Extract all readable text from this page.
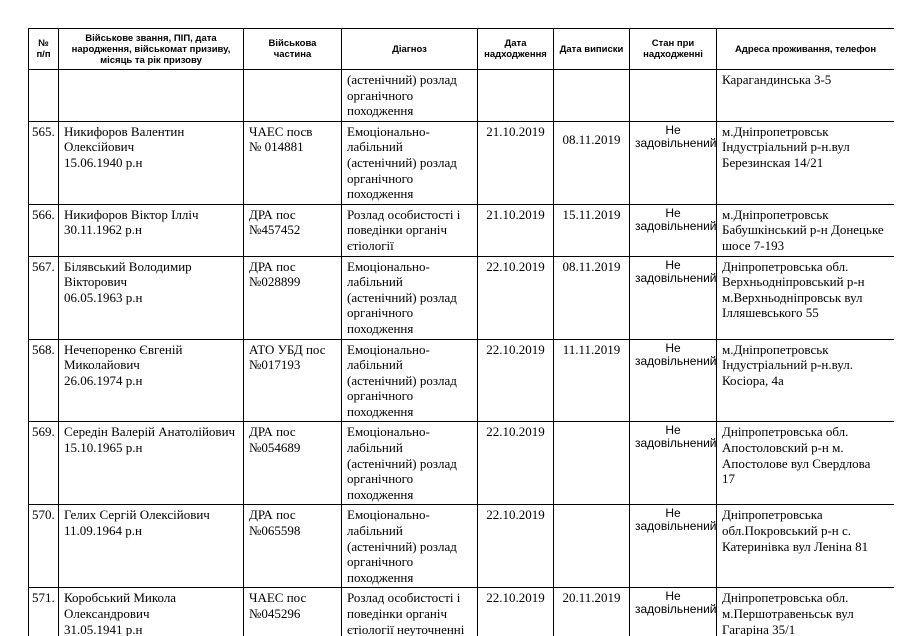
№ п/п	Військове звання, ПІП, дата народження, військомат призиву, місяць та рік призову	Військова частина	Діагноз	Дата надходження	Дата виписки	Стан при надходженні	Адреса проживання, телефон

			(астенічний) розлад
органічного
походження				Карагандинська 3-5

565.	Никифоров Валентин
Олексійович
15.06.1940 р.н	ЧАЕС посв
№ 014881	Емоціонально-
лабільний
(астенічний) розлад
органічного
походження	21.10.2019	08.11.2019	Не
задовільнений	м.Дніпропетровськ
Індустріальний р-н.вул
Березинская 14/21

566.	Никифоров Віктор Ілліч
30.11.1962 р.н	ДРА пос
№457452	Розлад особистості і
поведінки органіч
єтіології	21.10.2019	15.11.2019	Не
задовільнений	м.Дніпропетровськ
Бабушкінський р-н Донецьке
шосе 7-193

567.	Білявський Володимир
Вікторович
06.05.1963 р.н	ДРА пос
№028899	Емоціонально-
лабільний
(астенічний) розлад
органічного
походження	22.10.2019	08.11.2019	Не
задовільнений	Дніпропетровська обл.
Верхньодніпровський р-н
м.Верхньодніпровськ вул
Ілляшевського 55

568.	Нечепоренко Євгеній
Миколайович
26.06.1974 р.н	АТО УБД пос
№017193	Емоціонально-
лабільний
(астенічний) розлад
органічного
походження	22.10.2019	11.11.2019	Не
задовільнений	м.Дніпропетровськ
Індустріальний р-н.вул.
Косіора, 4а

569.	Середін Валерій Анатолійович
15.10.1965 р.н	ДРА пос
№054689	Емоціонально-
лабільний
(астенічний) розлад
органічного
походження	22.10.2019		Не
задовільнений	Дніпропетровська обл.
Апостоловский р-н м.
Апостолове вул Свердлова
17

570.	Гелих Сергій Олексійович
11.09.1964 р.н	ДРА пос
№065598	Емоціонально-
лабільний
(астенічний) розлад
органічного
походження	22.10.2019		Не
задовільнений	Дніпропетровська
обл.Покровський р-н с.
Катеринівка вул Леніна 81

571.	Коробський Микола
Олександрович
31.05.1941 р.н	ЧАЕС пос
№045296	Розлад особистості і
поведінки органіч
єтіології неуточненні	22.10.2019	20.11.2019	Не
задовільнений	Дніпропетровська обл.
м.Першотравеньськ вул
Гагаріна 35/1
